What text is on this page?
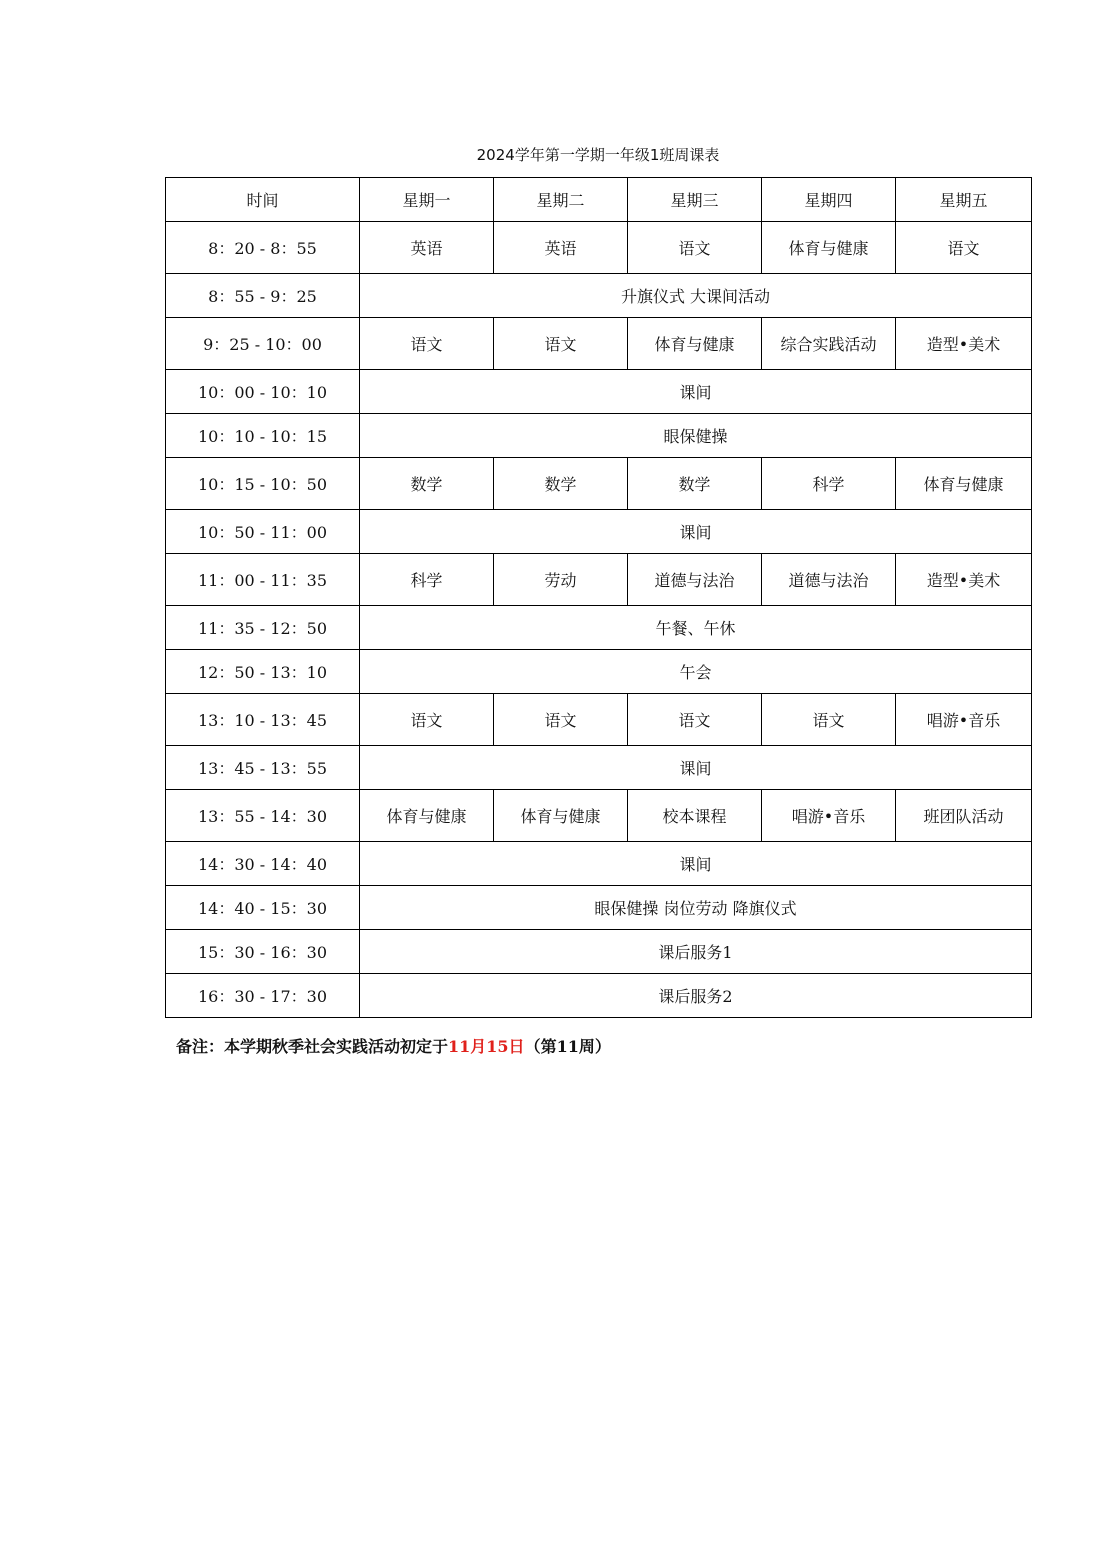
2024学年第一学期一年级1班周课表
时间	星期一	星期二	星期三	星期四	星期五
8：20 - 8：55	英语	英语	语文	体育与健康	语文
8：55 - 9：25	升旗仪式 大课间活动				
9：25 - 10：00	语文	语文	体育与健康	综合实践活动	造型•美术
10：00 - 10：10	课间				
10：10 - 10：15	眼保健操				
10：15 - 10：50	数学	数学	数学	科学	体育与健康
10：50 - 11：00	课间				
11：00 - 11：35	科学	劳动	道德与法治	道德与法治	造型•美术
11：35 - 12：50	午餐、午休				
12：50 - 13：10	午会				
13：10 - 13：45	语文	语文	语文	语文	唱游•音乐
13：45 - 13：55	课间				
13：55 - 14：30	体育与健康	体育与健康	校本课程	唱游•音乐	班团队活动
14：30 - 14：40	课间				
14：40 - 15：30	眼保健操 岗位劳动 降旗仪式				
15：30 - 16：30	课后服务1				
16：30 - 17：30	课后服务2				
备注：本学期秋季社会实践活动初定于11月15日（第11周）
